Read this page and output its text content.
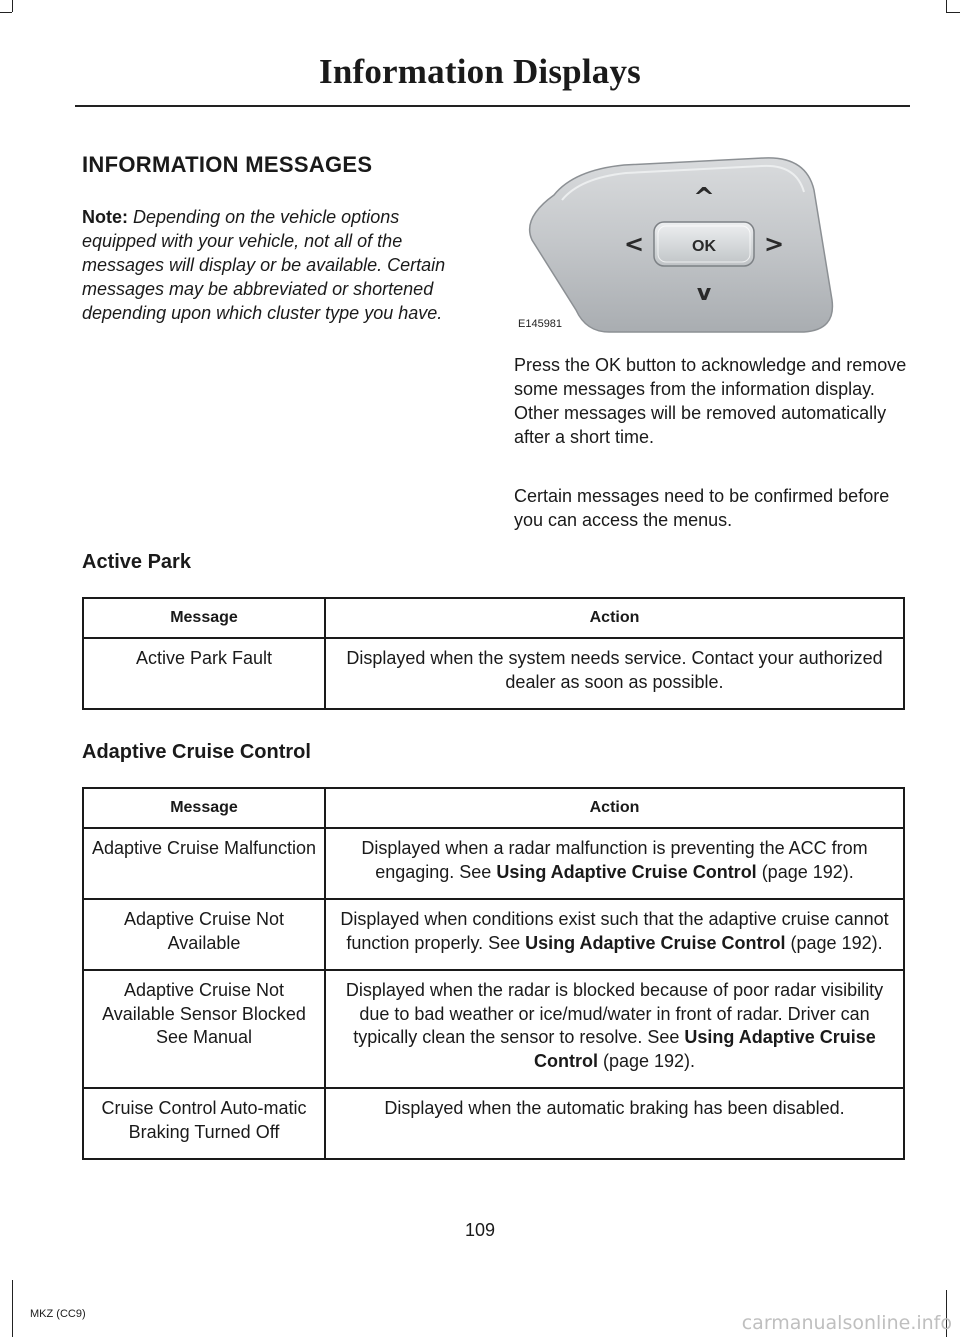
Information Displays
INFORMATION MESSAGES
Note: Depending on the vehicle options equipped with your vehicle, not all of the messages will display or be available. Certain messages may be abbreviated or shortened depending upon which cluster type you have.
OK
^
v
<	>
E145981
Press the OK button to acknowledge and remove some messages from the information display. Other messages will be removed automatically after a short time.
Certain messages need to be confirmed before you can access the menus.
Active Park
Message	Action
Active Park Fault	Displayed when the system needs service. Contact your authorized dealer as soon as possible.
Adaptive Cruise Control
Message	Action
Adaptive Cruise Malfunction	Displayed when a radar malfunction is preventing the ACC from engaging. See Using Adaptive Cruise Control (page 192).
Adaptive Cruise Not Available	Displayed when conditions exist such that the adaptive cruise cannot function properly. See Using Adaptive Cruise Control (page 192).
Adaptive Cruise Not Available Sensor Blocked See Manual	Displayed when the radar is blocked because of poor radar visibility due to bad weather or ice/mud/water in front of radar. Driver can typically clean the sensor to resolve. See Using Adaptive Cruise Control (page 192).
Cruise Control Auto-matic Braking Turned Off	Displayed when the automatic braking has been disabled.
109
MKZ (CC9)	carmanualsonline.info
